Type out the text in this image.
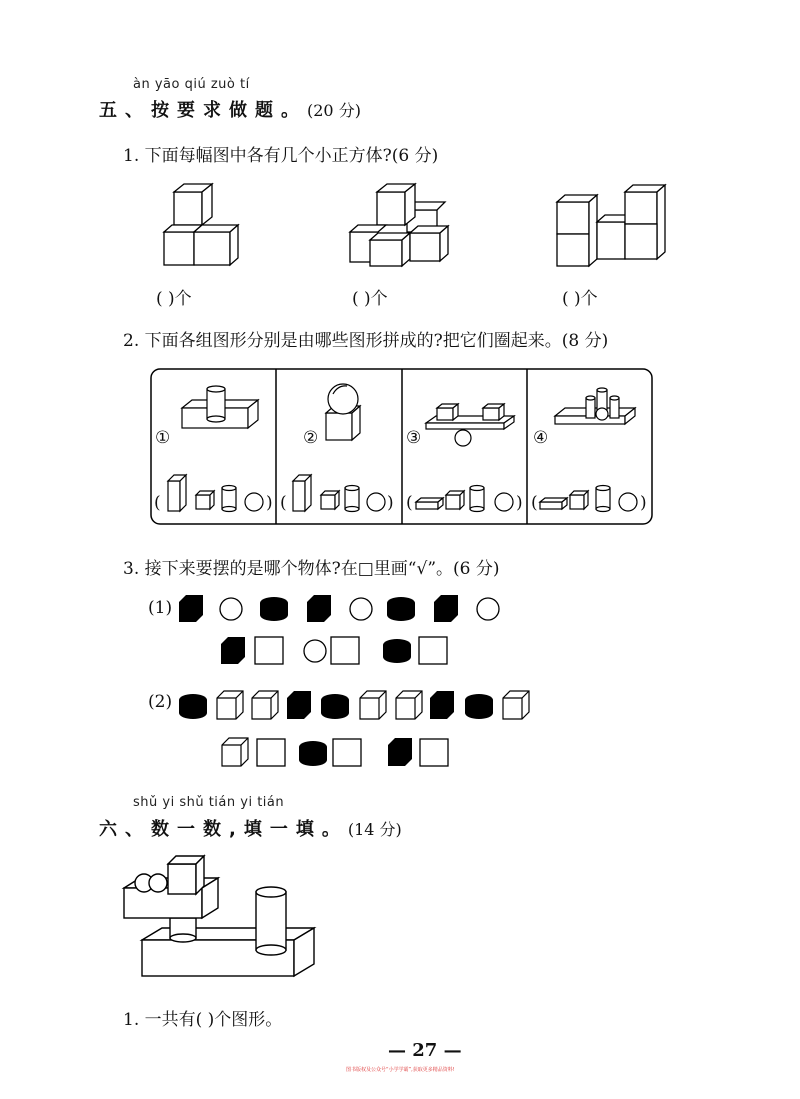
àn yāo qiú zuò tí
五、按要求做题。(20 分)
1. 下面每幅图中各有几个小正方体?(6 分)
( )个	( )个	( )个
2. 下面各组图形分别是由哪些图形拼成的?把它们圈起来。(8 分)
①	②	③	④
(	) (	) (	) (	)
3. 接下来要摆的是哪个物体?在□里画“√”。(6 分)
(1)
(2)
shǔ yi shǔ tián yi tián
六、数一数,填一填。(14 分)
1. 一共有( )个图形。
— 27 —
图书版权及公众号“小学学霸”,获取更多精品资料!
